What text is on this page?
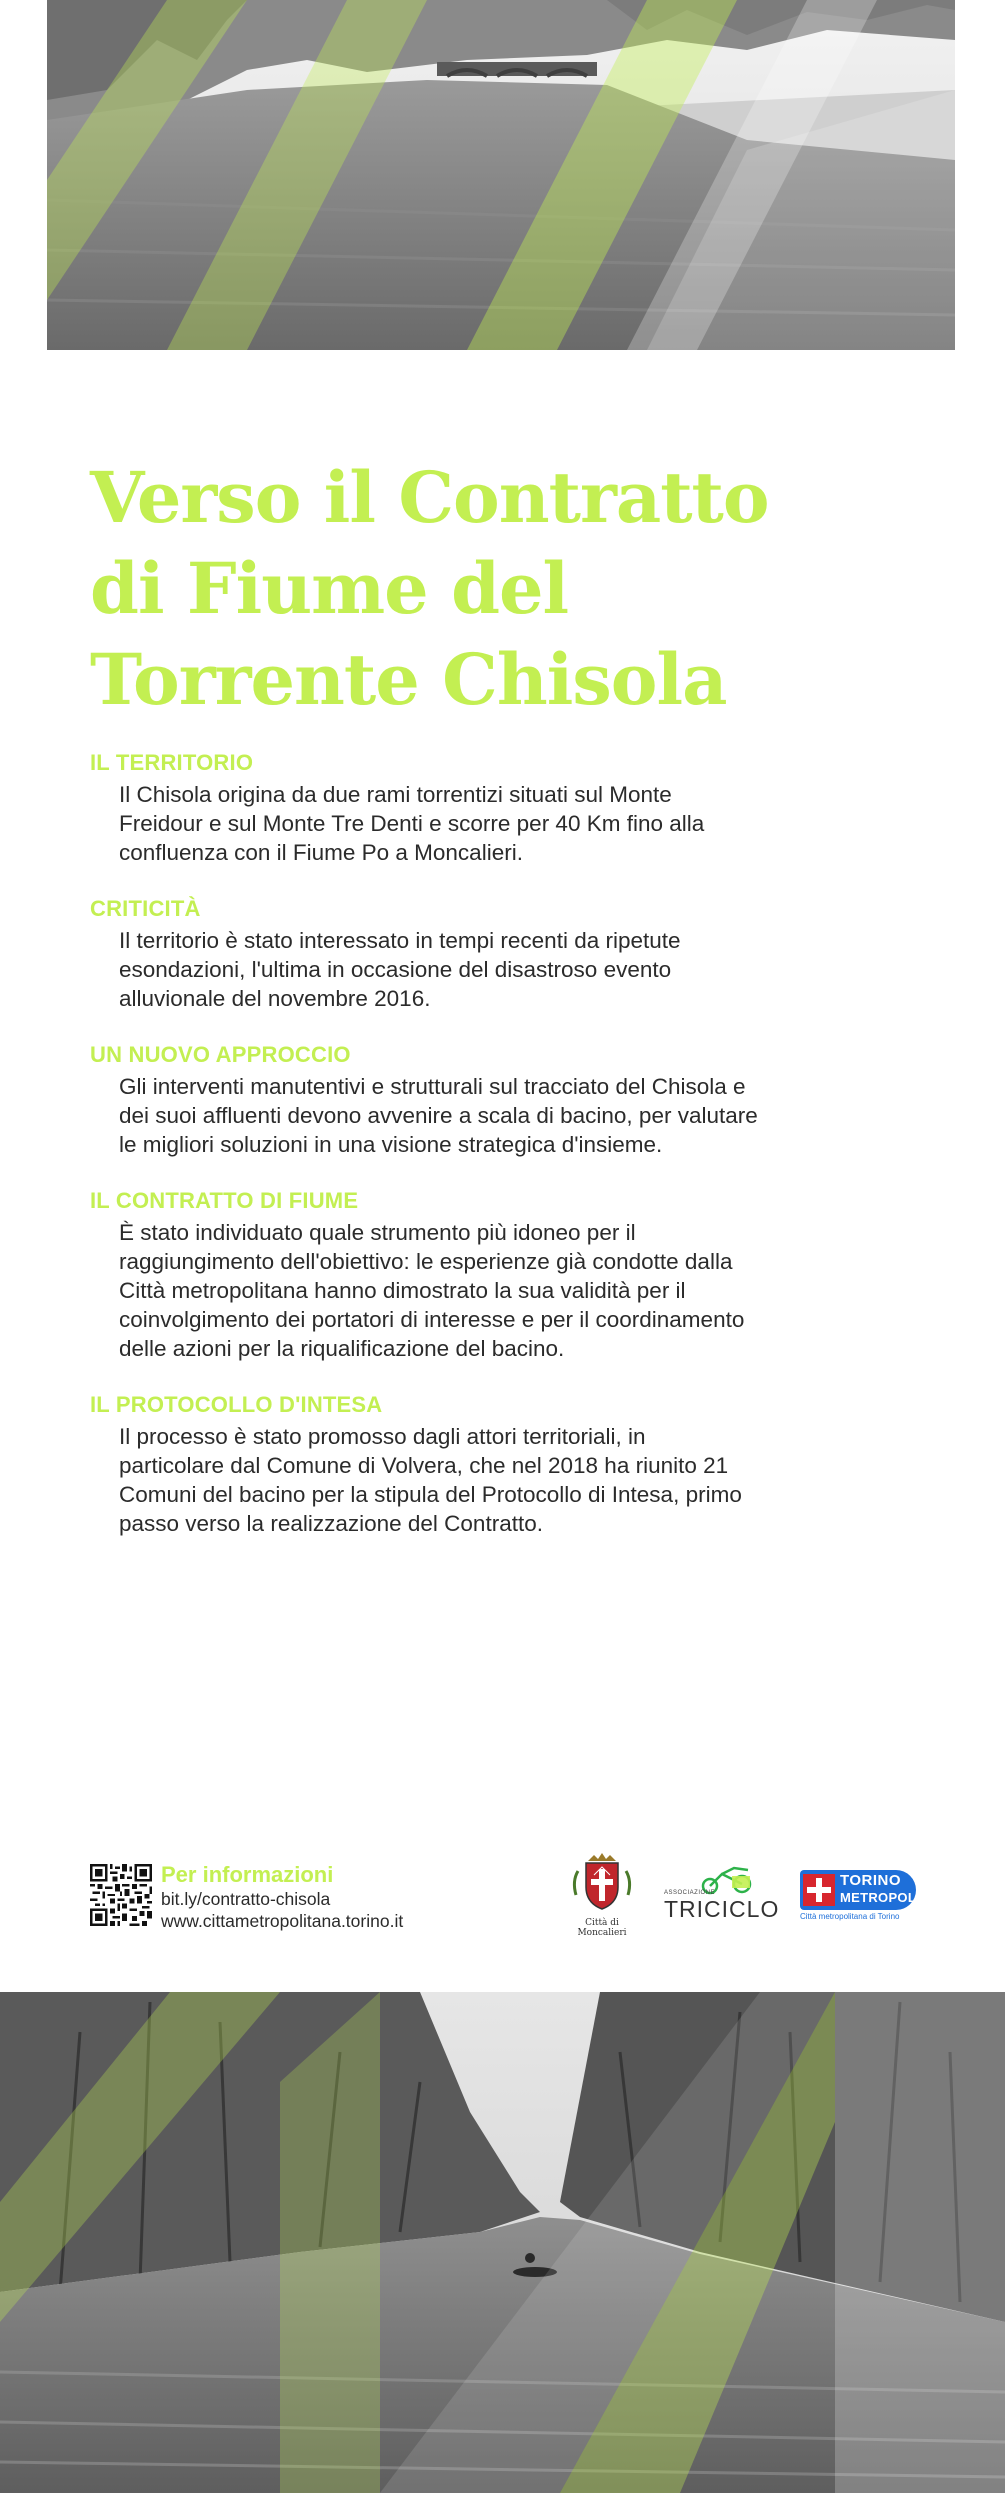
Verso il Contratto
di Fiume del
Torrente Chisola
IL TERRITORIO

Il Chisola origina da due rami torrentizi situati sul Monte
Freidour e sul Monte Tre Denti e scorre per 40 Km fino alla
confluenza con il Fiume Po a Moncalieri.

CRITICITÀ

Il territorio è stato interessato in tempi recenti da ripetute
esondazioni, l'ultima in occasione del disastroso evento
alluvionale del novembre 2016.

UN NUOVO APPROCCIO

Gli interventi manutentivi e strutturali sul tracciato del Chisola e
dei suoi affluenti devono avvenire a scala di bacino, per valutare
le migliori soluzioni in una visione strategica d'insieme.

IL CONTRATTO DI FIUME

È stato individuato quale strumento più idoneo per il
raggiungimento dell'obiettivo: le esperienze già condotte dalla
Città metropolitana hanno dimostrato la sua validità per il
coinvolgimento dei portatori di interesse e per il coordinamento
delle azioni per la riqualificazione del bacino.

IL PROTOCOLLO D'INTESA

Il processo è stato promosso dagli attori territoriali, in
particolare dal Comune di Volvera, che nel 2018 ha riunito 21
Comuni del bacino per la stipula del Protocollo di Intesa, primo
passo verso la realizzazione del Contratto.

Per informazioni
bit.ly/contratto-chisola
www.cittametropolitana.torino.it	Città di
Moncalieri
ASSOCIAZIONE
TRICICLO
TORINO
METROPOLI
Città metropolitana di Torino
